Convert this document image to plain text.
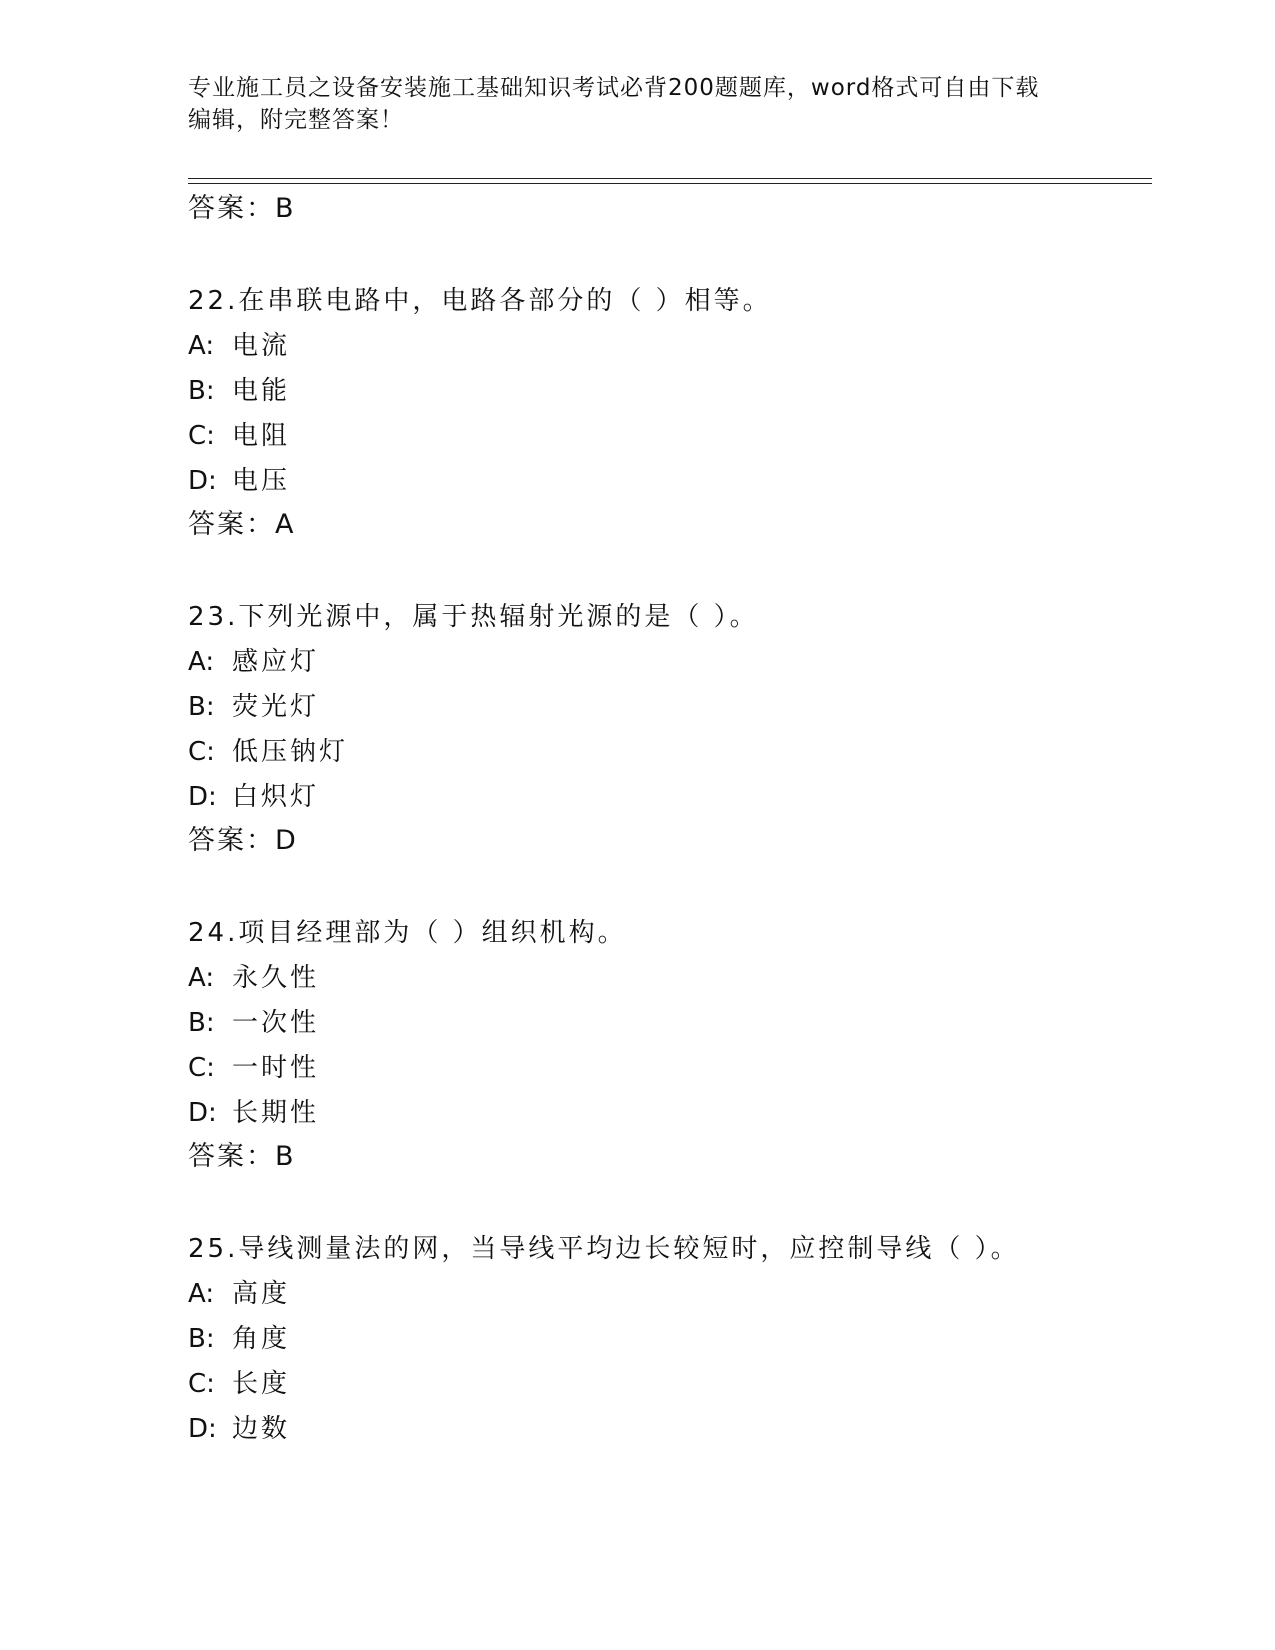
专业施工员之设备安装施工基础知识考试必背200题题库，word格式可自由下载
编辑，附完整答案！
答案：B
22.在串联电路中，电路各部分的（ ）相等。
A: 电流
B: 电能
C: 电阻
D: 电压
答案：A
23.下列光源中，属于热辐射光源的是（ ）。
A: 感应灯
B: 荧光灯
C: 低压钠灯
D: 白炽灯
答案：D
24.项目经理部为（ ）组织机构。
A: 永久性
B: 一次性
C: 一时性
D: 长期性
答案：B
25.导线测量法的网，当导线平均边长较短时，应控制导线（ ）。
A: 高度
B: 角度
C: 长度
D: 边数
